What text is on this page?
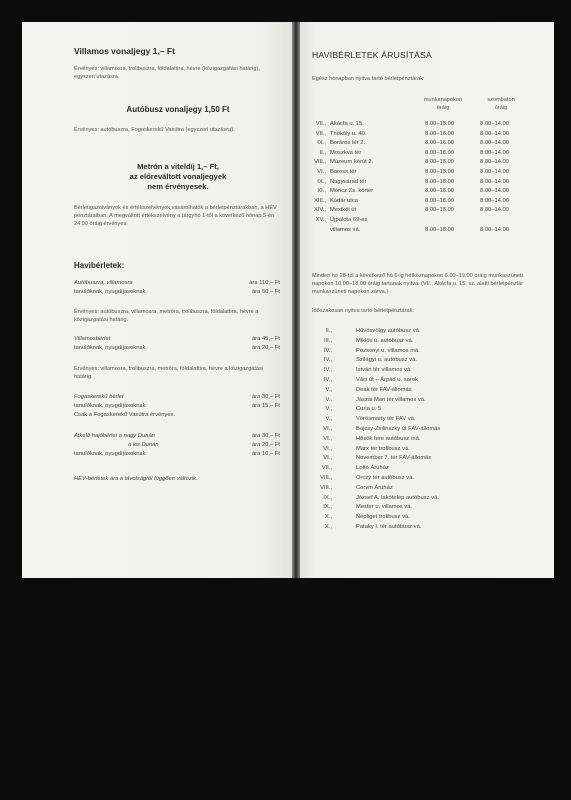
Villamos vonaljegy 1,– Ft
Érvényes: villamosra, trolibuszra, földalattira, hévre (közigazgatási határig), egyszeri utazásra.
Autóbusz vonaljegy 1,50 Ft
Érvényes: autóbuszra, Fogaskerekű Vasútra (egyszeri utazásra).
Metrón a viteldíj 1,– Ft,
az előreváltott vonaljegyek
nem érvényesek.
Bérletigazolványok és értékszelvények vásárolhatók a bérletpénztárakban, a HÉV pénztáraiban. A megváltott értékszelvény a tárgyhó 1-től a következő hónap 5-én 24.00 óráig érvényes.
Havibérletek:
Autóbuszra, villamosra	ára 110,– Ft
tanulóknak, nyugdíjasoknak	ára 50,– Ft
Érvényes: autóbuszra, villamosra, metróra, trolibuszra, földalattira, hévre a közigazgatási határig.
Villamosbérlet	ára 45,– Ft
tanulóknak, nyugdíjasoknak	ára 20,– Ft
Érvényes: villamosra, trolibuszra, metróra, földalattira, hévre a közigazgatási határig.
Fogaskerekű bérlet	ára 30,– Ft
tanulóknak, nyugdíjasoknak	ára 15,– Ft
Csak a Fogaskerekű Vasútra érvényes.
Átkelő hajóbérlet a nagy Dunán	ára 30,– Ft
a kis Dunán	ára 20,– Ft
tanulóknak, nyugdíjasoknak	ára 10,– Ft
HÉV-bérletek ára a távolságtól függően változik.
HAVIBÉRLETEK ÁRUSÍTÁSA
Egész hónapban nyitva tartó bérletpénztárak:
munkanapokon
óráig
szombaton
óráig
VII., Akácfa u. 15.	8.00–18.00	8.00–14.00
VII., Thököly u. 40.	8.00–16.00	8.00–14.00
IX., Boráros tér 2.	8.00–16.00	8.00–14.00
II., Moszkva tér	8.00–18.00	8.00–14.00
VIII., Múzeum körút 2.	8.00–18.00	8.00–14.00
VI., Baross tér	8.00–18.00	8.00–14.00
IX., Nagyvárad tér	8.00–18.00	8.00–14.00
XI., Móricz Zs. körtér	8.00–18.00	8.00–14.00
XIII., Kádár utca	8.00–18.00	8.00–14.00
XIV., Mexikói út	8.00–18.00	8.00–14.00
XV., Újpalota 69-es
villamos vá.	8.00–18.00	8.00–14.00
Minden hó 28-tól a következő hó 6-ig hétköznapokon 6.00–19.00 óráig munkaszüneti napokon 10.00–18.00 óráig tartanak nyitva. (VII., Akácfa u. 15. sz. alatti bérletpénztár munkaszüneti napokon zárva.)
Időszakosan nyitva tartó bérletpénztárak:
II.,	Hűvösvölgy autóbusz vá.
III.,	Miklós u. autóbusz vá.
IV.,	Pozsonyi u. villamos má.
IV.,	Szilágyi u. autóbusz vá.
IV.,	István tér villamos vá.
IV.,	Váci út – Árpád u. sarok
V.,	Deák tér FAV-állomás
V.,	Jászai Mari tér villamos vá.
V.,	Curia u. 5.
V.,	Vörösmarty tér FAV vá.
VI.,	Bajcsy-Zsilinszky út FAV-állomás
VI.,	Hősök tere autóbusz má.
VI.,	Marx tér trolibusz vá.
VI.,	November 7. tér FAV-állomás
VII.,	Lottó Áruház
VIII.,	Orczy tér autóbusz vá.
VIII.,	Corvin Áruház
IX.,	József A. lakótelep autóbusz vá.
IX.,	Mester u. villamos vá.
X.,	Népliget trolibusz vá.
X.,	Pataky I. tér autóbusz vá.
